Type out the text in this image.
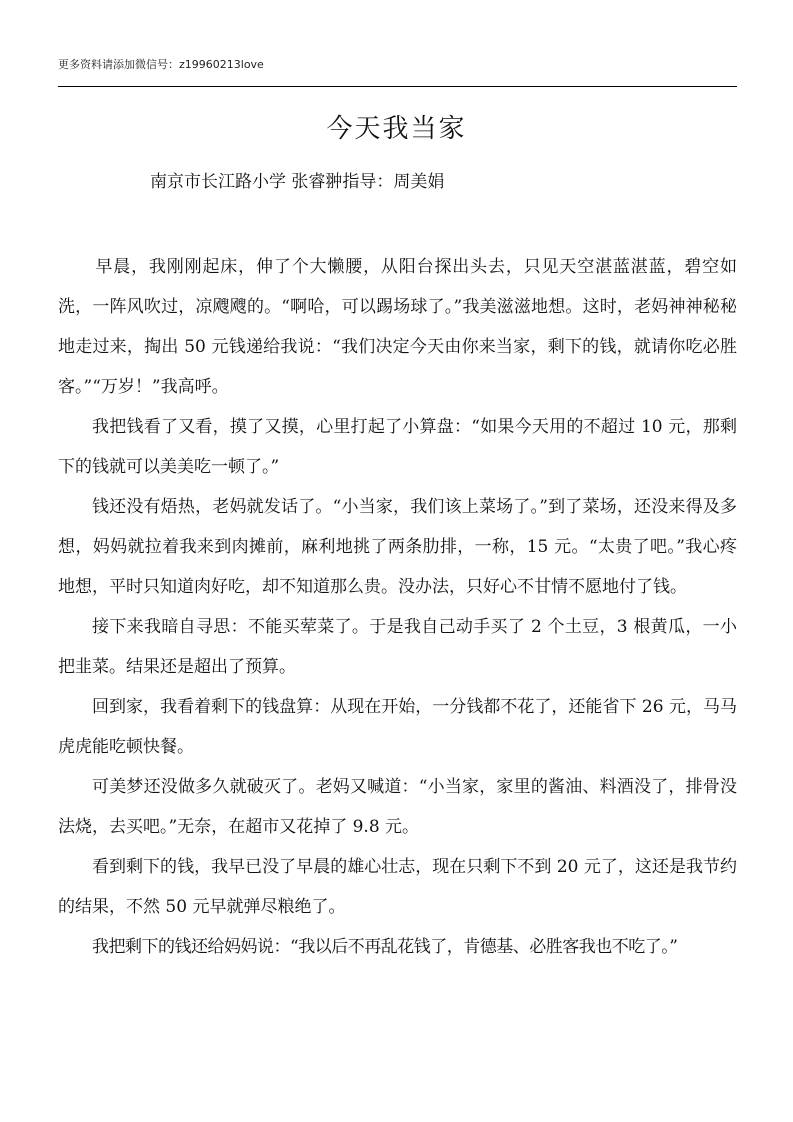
更多资料请添加微信号：z19960213love
今天我当家
南京市长江路小学 张睿翀指导：周美娟

早晨，我刚刚起床，伸了个大懒腰，从阳台探出头去，只见天空湛蓝湛蓝，碧空如洗，一阵风吹过，凉飕飕的。“啊哈，可以踢场球了。”我美滋滋地想。这时，老妈神神秘秘地走过来，掏出 50 元钱递给我说：“我们决定今天由你来当家，剩下的钱，就请你吃必胜客。”“万岁！”我高呼。

我把钱看了又看，摸了又摸，心里打起了小算盘：“如果今天用的不超过 10 元，那剩下的钱就可以美美吃一顿了。”

钱还没有焐热，老妈就发话了。“小当家，我们该上菜场了。”到了菜场，还没来得及多想，妈妈就拉着我来到肉摊前，麻利地挑了两条肋排，一称，15 元。“太贵了吧。”我心疼地想，平时只知道肉好吃，却不知道那么贵。没办法，只好心不甘情不愿地付了钱。

接下来我暗自寻思：不能买荤菜了。于是我自己动手买了 2 个土豆，3 根黄瓜，一小把韭菜。结果还是超出了预算。

回到家，我看着剩下的钱盘算：从现在开始，一分钱都不花了，还能省下 26 元，马马虎虎能吃顿快餐。

可美梦还没做多久就破灭了。老妈又喊道：“小当家，家里的酱油、料酒没了，排骨没法烧，去买吧。”无奈，在超市又花掉了 9.8 元。

看到剩下的钱，我早已没了早晨的雄心壮志，现在只剩下不到 20 元了，这还是我节约的结果，不然 50 元早就弹尽粮绝了。

我把剩下的钱还给妈妈说：“我以后不再乱花钱了，肯德基、必胜客我也不吃了。”
